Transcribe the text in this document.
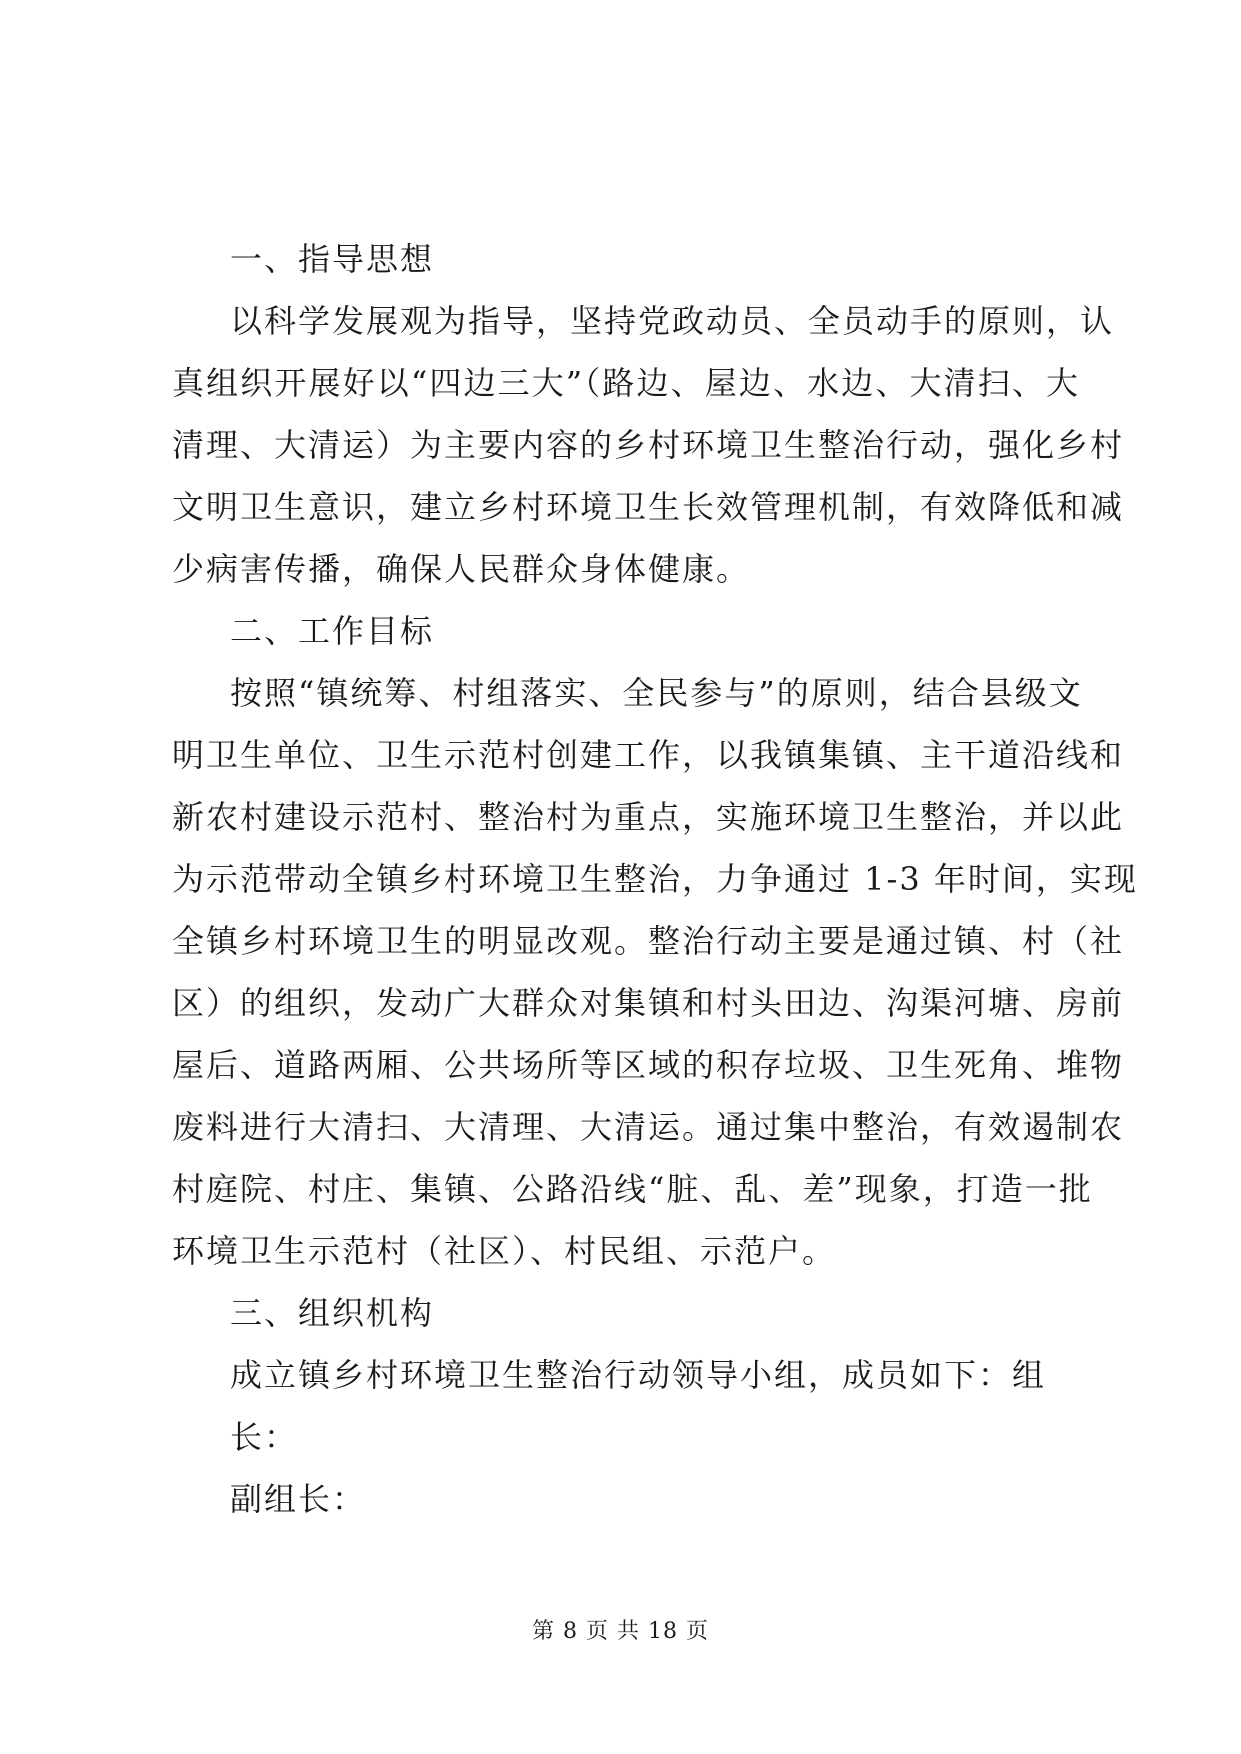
一、指导思想

以科学发展观为指导，坚持党政动员、全员动手的原则，认
真组织开展好以“四边三大”（路边、屋边、水边、大清扫、大
清理、大清运）为主要内容的乡村环境卫生整治行动，强化乡村
文明卫生意识，建立乡村环境卫生长效管理机制，有效降低和减
少病害传播，确保人民群众身体健康。

二、工作目标

按照“镇统筹、村组落实、全民参与”的原则，结合县级文
明卫生单位、卫生示范村创建工作，以我镇集镇、主干道沿线和
新农村建设示范村、整治村为重点，实施环境卫生整治，并以此
为示范带动全镇乡村环境卫生整治，力争通过 1-3 年时间，实现
全镇乡村环境卫生的明显改观。整治行动主要是通过镇、村（社
区）的组织，发动广大群众对集镇和村头田边、沟渠河塘、房前
屋后、道路两厢、公共场所等区域的积存垃圾、卫生死角、堆物
废料进行大清扫、大清理、大清运。通过集中整治，有效遏制农
村庭院、村庄、集镇、公路沿线“脏、乱、差”现象，打造一批
环境卫生示范村（社区）、村民组、示范户。

三、组织机构

成立镇乡村环境卫生整治行动领导小组，成员如下：组
长：
副组长：

第 8 页 共 18 页
